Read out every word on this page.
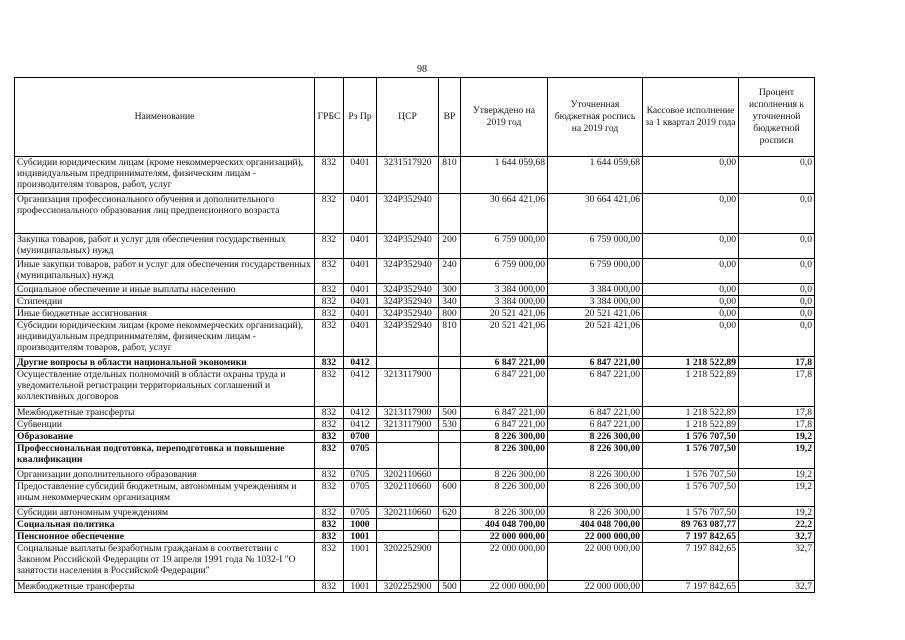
98
Наименование	ГРБС	Рз Пр	ЦСР	ВР	Утверждено на 2019 год	Уточненная бюджетная роспись на 2019 год	Кассовое исполнение за 1 квартал 2019 года	Процент исполнения к уточненной бюджетной росписи
Субсидии юридическим лицам (кроме некоммерческих организаций), индивидуальным предпринимателям, физическим лицам - производителям товаров, работ, услуг	832	0401	3231517920	810	1 644 059,68	1 644 059,68	0,00	0,0
Организация профессионального обучения и дополнительного профессионального образования лиц предпенсионного возраста	832	0401	324P352940		30 664 421,06	30 664 421,06	0,00	0,0
Закупка товаров, работ и услуг для обеспечения государственных (муниципальных) нужд	832	0401	324P352940	200	6 759 000,00	6 759 000,00	0,00	0,0
Иные закупки товаров, работ и услуг для обеспечения государственных (муниципальных) нужд	832	0401	324P352940	240	6 759 000,00	6 759 000,00	0,00	0,0
Социальное обеспечение и иные выплаты населению	832	0401	324P352940	300	3 384 000,00	3 384 000,00	0,00	0,0
Стипендии	832	0401	324P352940	340	3 384 000,00	3 384 000,00	0,00	0,0
Иные бюджетные ассигнования	832	0401	324P352940	800	20 521 421,06	20 521 421,06	0,00	0,0
Субсидии юридическим лицам (кроме некоммерческих организаций), индивидуальным предпринимателям, физическим лицам - производителям товаров, работ, услуг	832	0401	324P352940	810	20 521 421,06	20 521 421,06	0,00	0,0
Другие вопросы в области национальной экономики	832	0412			6 847 221,00	6 847 221,00	1 218 522,89	17,8
Осуществление отдельных полномочий в области охраны труда и уведомительной регистрации территориальных соглашений и коллективных договоров	832	0412	3213117900		6 847 221,00	6 847 221,00	1 218 522,89	17,8
Межбюджетные трансферты	832	0412	3213117900	500	6 847 221,00	6 847 221,00	1 218 522,89	17,8
Субвенции	832	0412	3213117900	530	6 847 221,00	6 847 221,00	1 218 522,89	17,8
Образование	832	0700			8 226 300,00	8 226 300,00	1 576 707,50	19,2
Профессиональная подготовка, переподготовка и повышение квалификации	832	0705			8 226 300,00	8 226 300,00	1 576 707,50	19,2
Организации дополнительного образования	832	0705	3202110660		8 226 300,00	8 226 300,00	1 576 707,50	19,2
Предоставление субсидий бюджетным, автономным учреждениям и иным некоммерческим организациям	832	0705	3202110660	600	8 226 300,00	8 226 300,00	1 576 707,50	19,2
Субсидии автономным учреждениям	832	0705	3202110660	620	8 226 300,00	8 226 300,00	1 576 707,50	19,2
Социальная политика	832	1000			404 048 700,00	404 048 700,00	89 763 087,77	22,2
Пенсионное обеспечение	832	1001			22 000 000,00	22 000 000,00	7 197 842,65	32,7
Социальные выплаты безработным гражданам в соответствии с Законом Российской Федерации от 19 апреля 1991 года № 1032-I "О занятости населения в Российской Федерации"	832	1001	3202252900		22 000 000,00	22 000 000,00	7 197 842,65	32,7
Межбюджетные трансферты	832	1001	3202252900	500	22 000 000,00	22 000 000,00	7 197 842,65	32,7
